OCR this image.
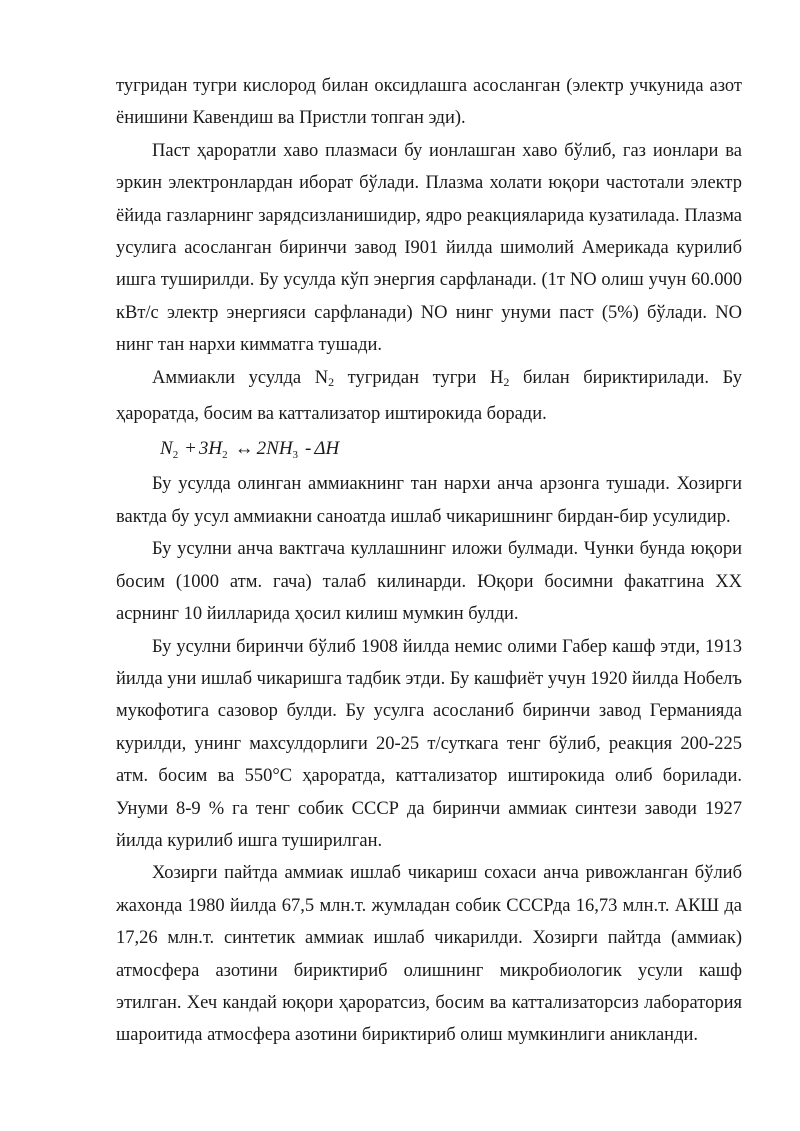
тугридан тугри кислород билан оксидлашга асосланган (электр учкунида азот ёнишини Кавендиш ва Пристли топган эди).

Паст ҳароратли хаво плазмаси бу ионлашган хаво бўлиб, газ ионлари ва эркин электронлардан иборат бўлади. Плазма холати юқори частотали электр ёйида газларнинг зарядсизланишидир, ядро реакцияларида кузатилада. Плазма усулига асосланган биринчи завод I901 йилда шимолий Америкада курилиб ишга туширилди. Бу усулда кўп энергия сарфланади. (1т NO олиш учун 60.000 кВт/с электр энергияси сарфланади) NO нинг унуми паст (5%) бўлади. NO нинг тан нархи кимматга тушади.

Аммиакли усулда $N_2$ тугридан тугри $H_2$ билан бириктирилади. Бу ҳароратда, босим ва каттализатор иштирокида боради.

$N_2 + 3H_2$ ↔ $2NH_3$ - ΔH

Бу усулда олинган аммиакнинг тан нархи анча арзонга тушади. Хозирги вактда бу усул аммиакни саноатда ишлаб чикаришнинг бирдан-бир усулидир.

Бу усулни анча вактгача куллашнинг иложи булмади. Чунки бунда юқори босим (1000 атм. гача) талаб килинарди. Юқори босимни факатгина XX асрнинг 10 йилларида ҳосил килиш мумкин булди.

Бу усулни биринчи бўлиб 1908 йилда немис олими Габер кашф этди, 1913 йилда уни ишлаб чикаришга тадбик этди. Бу кашфиёт учун 1920 йилда Нобелъ мукофотига сазовор булди. Бу усулга асосланиб биринчи завод Германияда курилди, унинг махсулдорлиги 20-25 т/суткага тенг бўлиб, реакция 200-225 атм. босим ва 550°С ҳароратда, каттализатор иштирокида олиб борилади. Унуми 8-9 % га тенг собик СССР да биринчи аммиак синтези заводи 1927 йилда курилиб ишга туширилган.

Хозирги пайтда аммиак ишлаб чикариш сохаси анча ривожланган бўлиб жахонда 1980 йилда 67,5 млн.т. жумладан собик СССРда 16,73 млн.т. АКШ да 17,26 млн.т. синтетик аммиак ишлаб чикарилди. Хозирги пайтда (аммиак) атмосфера азотини бириктириб олишнинг микробиологик усули кашф этилган. Хеч кандай юқори ҳароратсиз, босим ва каттализаторсиз лаборатория шароитида атмосфера азотини бириктириб олиш мумкинлиги аникланди.
